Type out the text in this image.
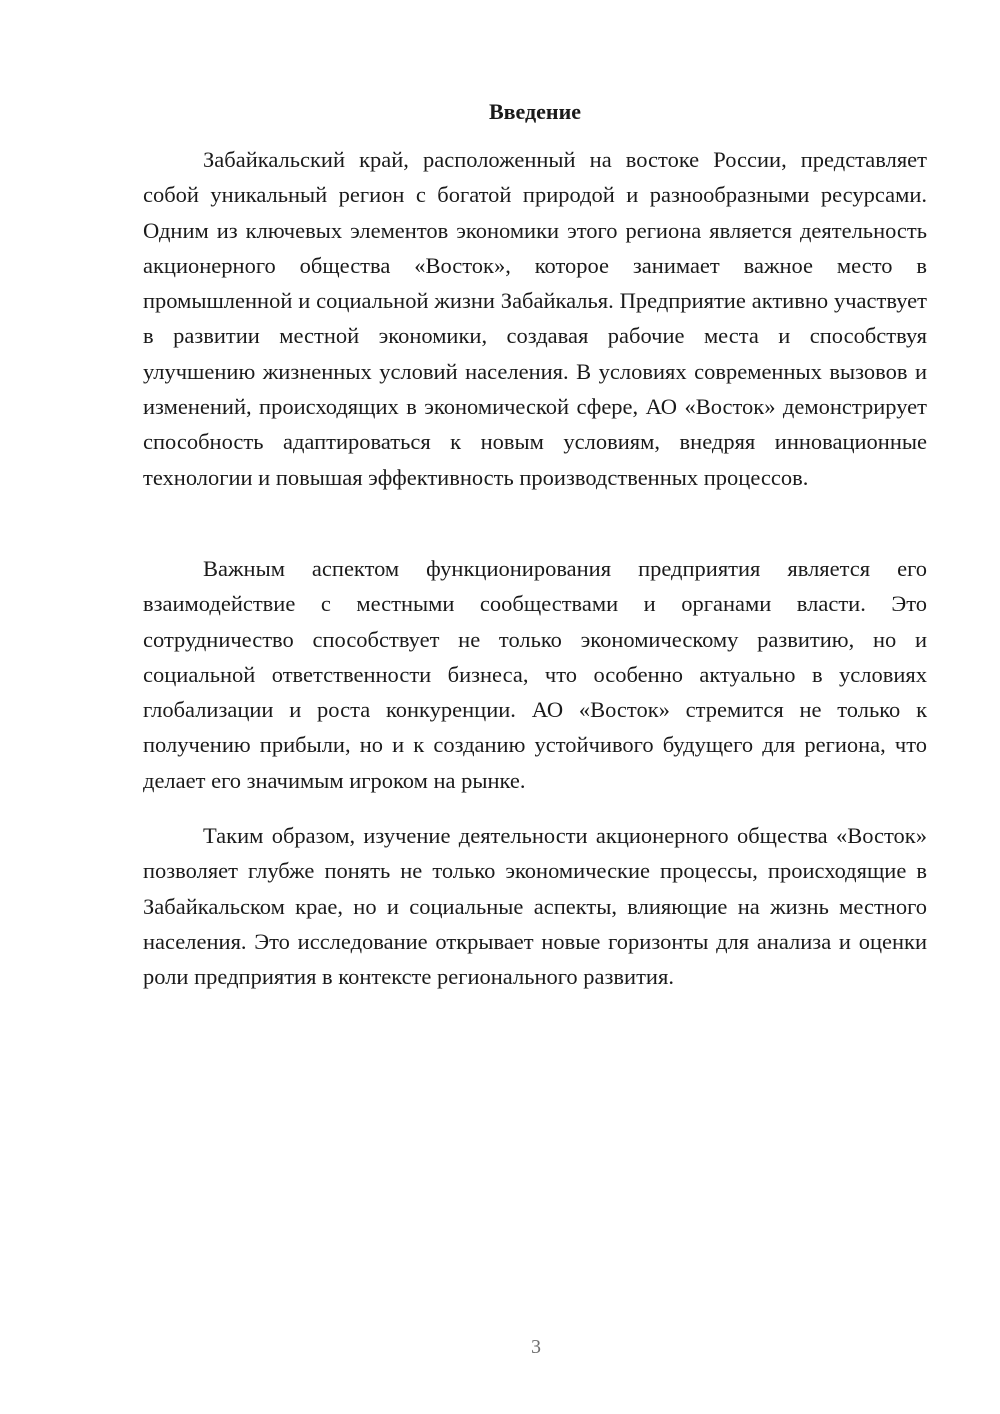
Введение

Забайкальский край, расположенный на востоке России, представляет собой уникальный регион с богатой природой и разнообразными ресурсами. Одним из ключевых элементов экономики этого региона является деятельность акционерного общества «Восток», которое занимает важное место в промышленной и социальной жизни Забайкалья. Предприятие активно участвует в развитии местной экономики, создавая рабочие места и способствуя улучшению жизненных условий населения. В условиях современных вызовов и изменений, происходящих в экономической сфере, АО «Восток» демонстрирует способность адаптироваться к новым условиям, внедряя инновационные технологии и повышая эффективность производственных процессов.

Важным аспектом функционирования предприятия является его взаимодействие с местными сообществами и органами власти. Это сотрудничество способствует не только экономическому развитию, но и социальной ответственности бизнеса, что особенно актуально в условиях глобализации и роста конкуренции. АО «Восток» стремится не только к получению прибыли, но и к созданию устойчивого будущего для региона, что делает его значимым игроком на рынке.

Таким образом, изучение деятельности акционерного общества «Восток» позволяет глубже понять не только экономические процессы, происходящие в Забайкальском крае, но и социальные аспекты, влияющие на жизнь местного населения. Это исследование открывает новые горизонты для анализа и оценки роли предприятия в контексте регионального развития.

3
